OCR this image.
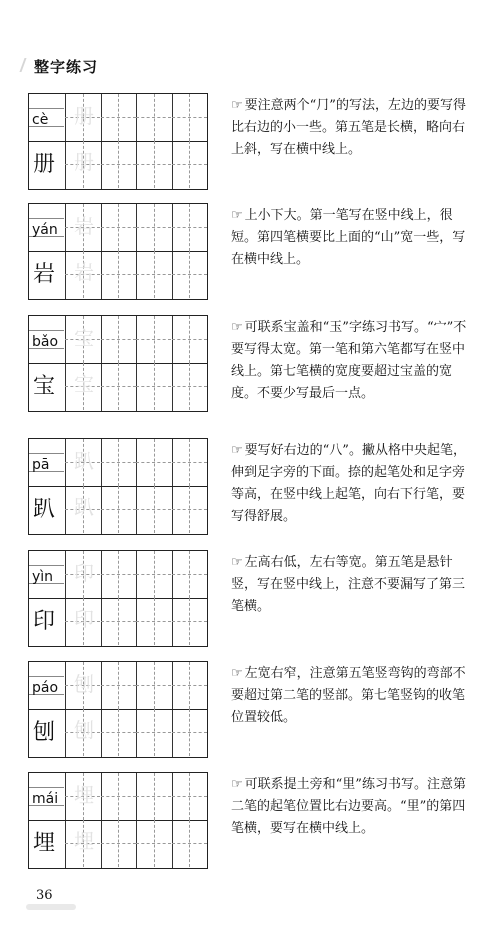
整字练习
cè
册
册
册
☞ 要注意两个“⺆”的写法，左边的要写得比右边的小一些。第五笔是长横，略向右上斜，写在横中线上。
yán
岩
岩
岩
☞ 上小下大。第一笔写在竖中线上，很短。第四笔横要比上面的“山”宽一些，写在横中线上。
bǎo
宝
宝
宝
☞ 可联系宝盖和“玉”字练习书写。“宀”不要写得太宽。第一笔和第六笔都写在竖中线上。第七笔横的宽度要超过宝盖的宽度。不要少写最后一点。
pā
趴
趴
趴
☞ 要写好右边的“八”。撇从格中央起笔，伸到足字旁的下面。捺的起笔处和足字旁等高，在竖中线上起笔，向右下行笔，要写得舒展。
yìn
印
印
印
☞ 左高右低，左右等宽。第五笔是悬针竖，写在竖中线上，注意不要漏写了第三笔横。
páo
刨
刨
刨
☞ 左宽右窄，注意第五笔竖弯钩的弯部不要超过第二笔的竖部。第七笔竖钩的收笔位置较低。
mái
埋
埋
埋
☞ 可联系提土旁和“里”练习书写。注意第二笔的起笔位置比右边要高。“里”的第四笔横，要写在横中线上。
36
